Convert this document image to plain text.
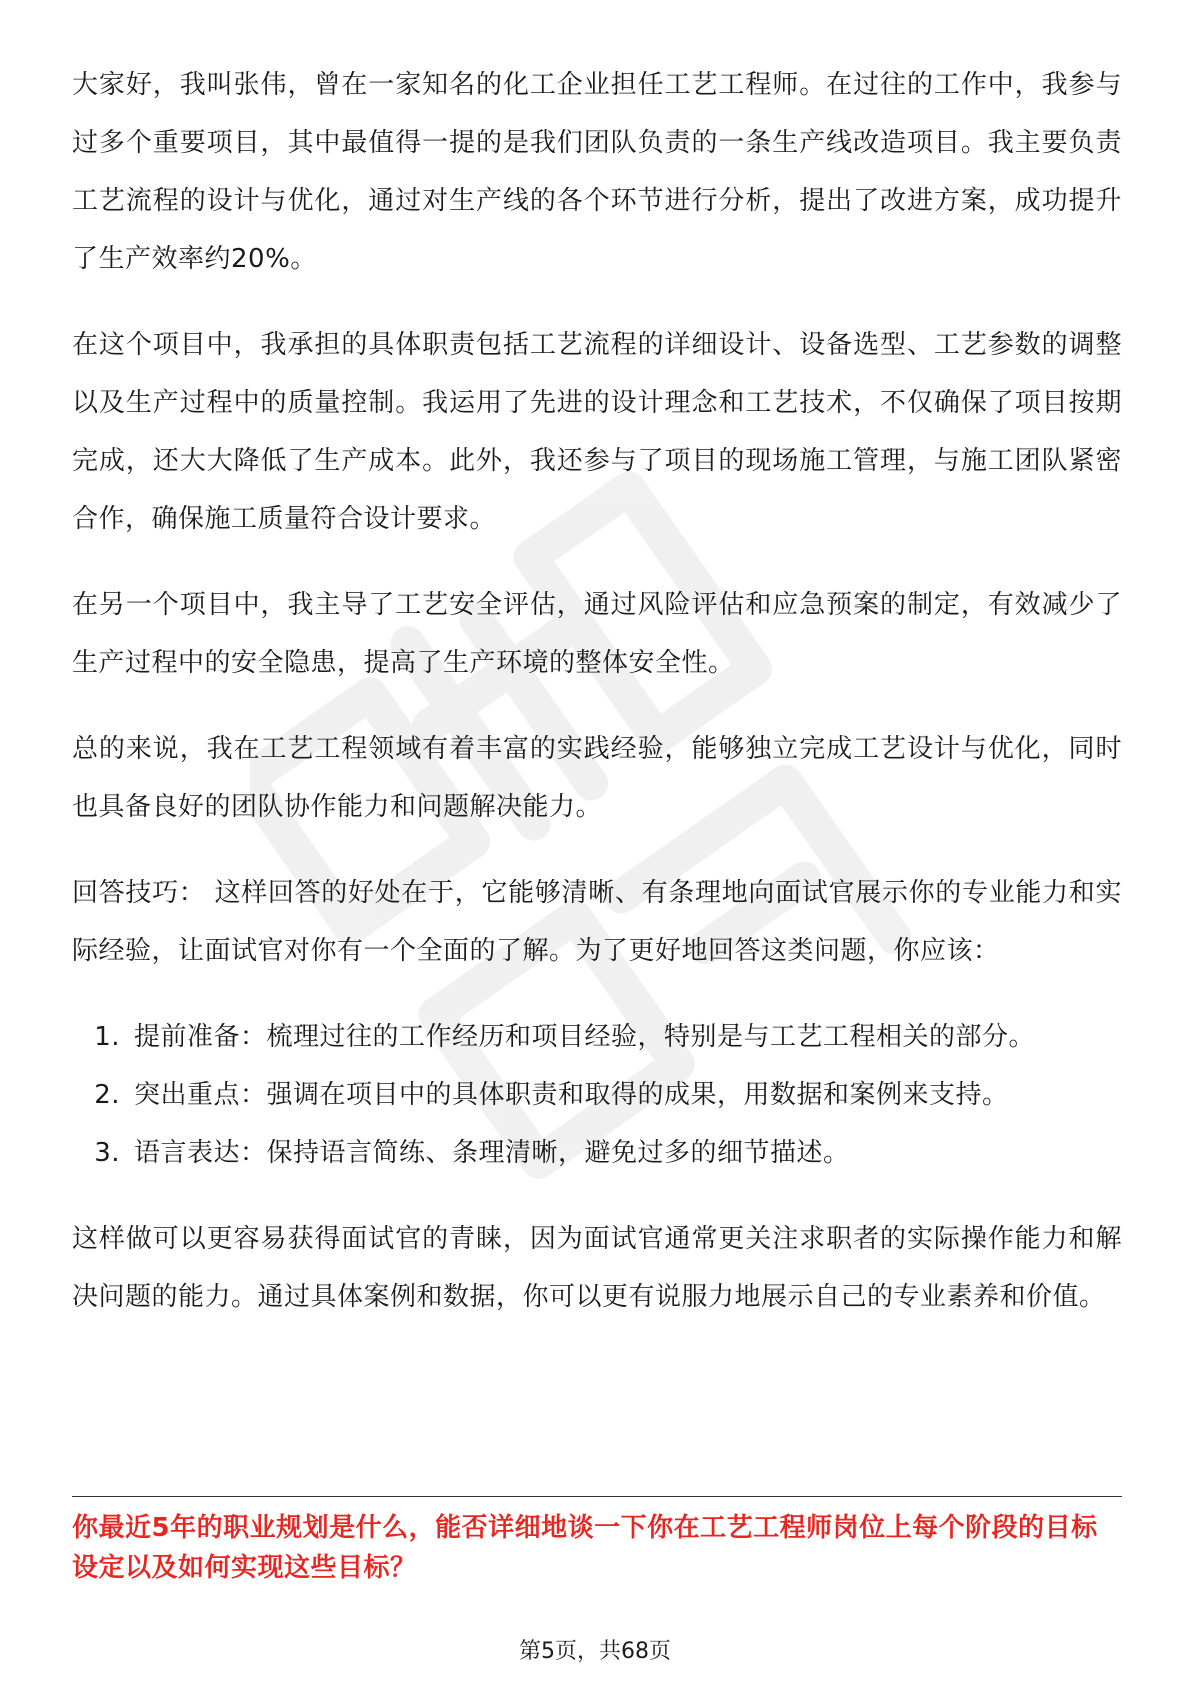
大家好，我叫张伟，曾在一家知名的化工企业担任工艺工程师。在过往的工作中，我参与过多个重要项目，其中最值得一提的是我们团队负责的一条生产线改造项目。我主要负责工艺流程的设计与优化，通过对生产线的各个环节进行分析，提出了改进方案，成功提升了生产效率约20%。

在这个项目中，我承担的具体职责包括工艺流程的详细设计、设备选型、工艺参数的调整以及生产过程中的质量控制。我运用了先进的设计理念和工艺技术，不仅确保了项目按期完成，还大大降低了生产成本。此外，我还参与了项目的现场施工管理，与施工团队紧密合作，确保施工质量符合设计要求。

在另一个项目中，我主导了工艺安全评估，通过风险评估和应急预案的制定，有效减少了生产过程中的安全隐患，提高了生产环境的整体安全性。

总的来说，我在工艺工程领域有着丰富的实践经验，能够独立完成工艺设计与优化，同时也具备良好的团队协作能力和问题解决能力。

回答技巧： 这样回答的好处在于，它能够清晰、有条理地向面试官展示你的专业能力和实际经验，让面试官对你有一个全面的了解。为了更好地回答这类问题，你应该：

1. 提前准备：梳理过往的工作经历和项目经验，特别是与工艺工程相关的部分。
2. 突出重点：强调在项目中的具体职责和取得的成果，用数据和案例来支持。
3. 语言表达：保持语言简练、条理清晰，避免过多的细节描述。

这样做可以更容易获得面试官的青睐，因为面试官通常更关注求职者的实际操作能力和解决问题的能力。通过具体案例和数据，你可以更有说服力地展示自己的专业素养和价值。

你最近5年的职业规划是什么，能否详细地谈一下你在工艺工程师岗位上每个阶段的目标设定以及如何实现这些目标？
第5页，共68页
